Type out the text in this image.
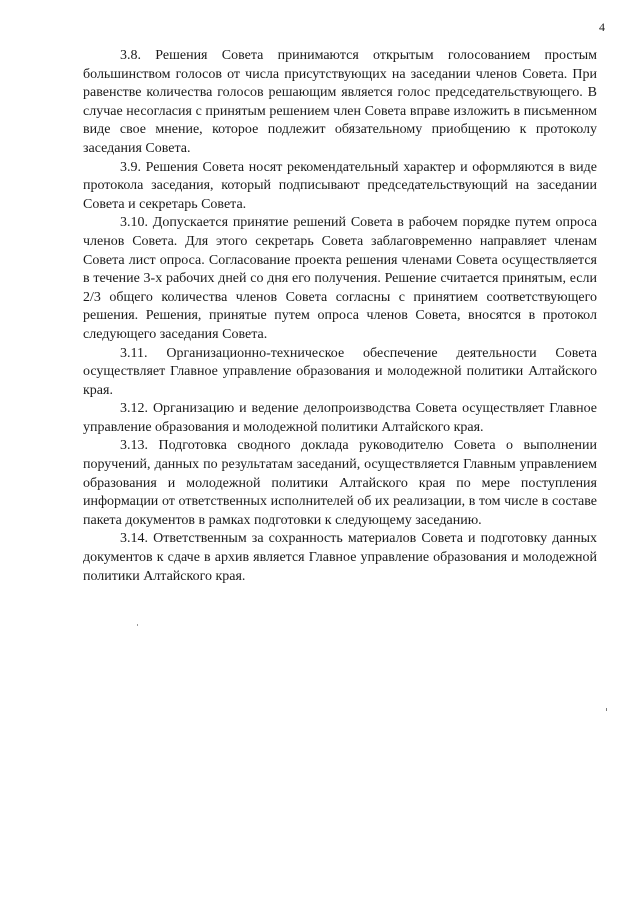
4

3.8. Решения Совета принимаются открытым голосованием простым большинством голосов от числа присутствующих на заседании членов Совета. При равенстве количества голосов решающим является голос председательствующего. В случае несогласия с принятым решением член Совета вправе изложить в письменном виде свое мнение, которое подлежит обязательному приобщению к протоколу заседания Совета.

3.9. Решения Совета носят рекомендательный характер и оформляются в виде протокола заседания, который подписывают председательствующий на заседании Совета и секретарь Совета.

3.10. Допускается принятие решений Совета в рабочем порядке путем опроса членов Совета. Для этого секретарь Совета заблаговременно направляет членам Совета лист опроса. Согласование проекта решения членами Совета осуществляется в течение 3-х рабочих дней со дня его получения. Решение считается принятым, если 2/3 общего количества членов Совета согласны с принятием соответствующего решения. Решения, принятые путем опроса членов Совета, вносятся в протокол следующего заседания Совета.

3.11. Организационно-техническое обеспечение деятельности Совета осуществляет Главное управление образования и молодежной политики Алтайского края.

3.12. Организацию и ведение делопроизводства Совета осуществляет Главное управление образования и молодежной политики Алтайского края.

3.13. Подготовка сводного доклада руководителю Совета о выполнении поручений, данных по результатам заседаний, осуществляется Главным управлением образования и молодежной политики Алтайского края по мере поступления информации от ответственных исполнителей об их реализации, в том числе в составе пакета документов в рамках подготовки к следующему заседанию.

3.14. Ответственным за сохранность материалов Совета и подготовку данных документов к сдаче в архив является Главное управление образования и молодежной политики Алтайского края.
